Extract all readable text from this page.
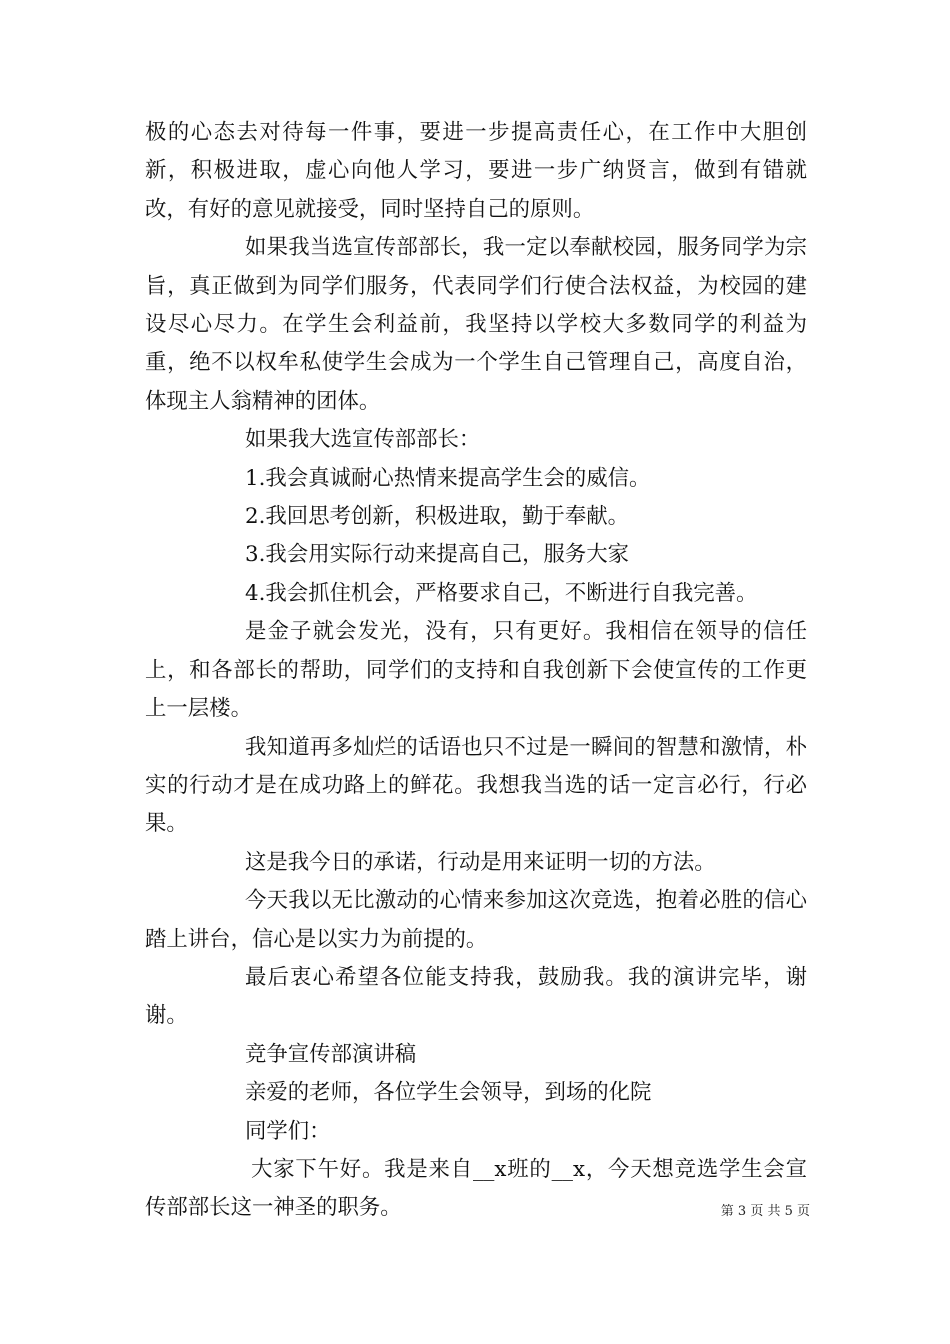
极的心态去对待每一件事，要进一步提高责任心，在工作中大胆创新，积极进取，虚心向他人学习，要进一步广纳贤言，做到有错就改，有好的意见就接受，同时坚持自己的原则。

如果我当选宣传部部长，我一定以奉献校园，服务同学为宗旨，真正做到为同学们服务，代表同学们行使合法权益，为校园的建设尽心尽力。在学生会利益前，我坚持以学校大多数同学的利益为重，绝不以权牟私使学生会成为一个学生自己管理自己，高度自治，体现主人翁精神的团体。

如果我大选宣传部部长：

1.我会真诚耐心热情来提高学生会的威信。

2.我回思考创新，积极进取，勤于奉献。

3.我会用实际行动来提高自己，服务大家

4.我会抓住机会，严格要求自己，不断进行自我完善。

是金子就会发光，没有，只有更好。我相信在领导的信任上，和各部长的帮助，同学们的支持和自我创新下会使宣传的工作更上一层楼。

我知道再多灿烂的话语也只不过是一瞬间的智慧和激情，朴实的行动才是在成功路上的鲜花。我想我当选的话一定言必行，行必果。

这是我今日的承诺，行动是用来证明一切的方法。

今天我以无比激动的心情来参加这次竞选，抱着必胜的信心踏上讲台，信心是以实力为前提的。

最后衷心希望各位能支持我，鼓励我。我的演讲完毕，谢谢。

竞争宣传部演讲稿

亲爱的老师，各位学生会领导，到场的化院

同学们：

大家下午好。我是来自__x班的__x，今天想竞选学生会宣传部部长这一神圣的职务。	第 3 页 共 5 页
